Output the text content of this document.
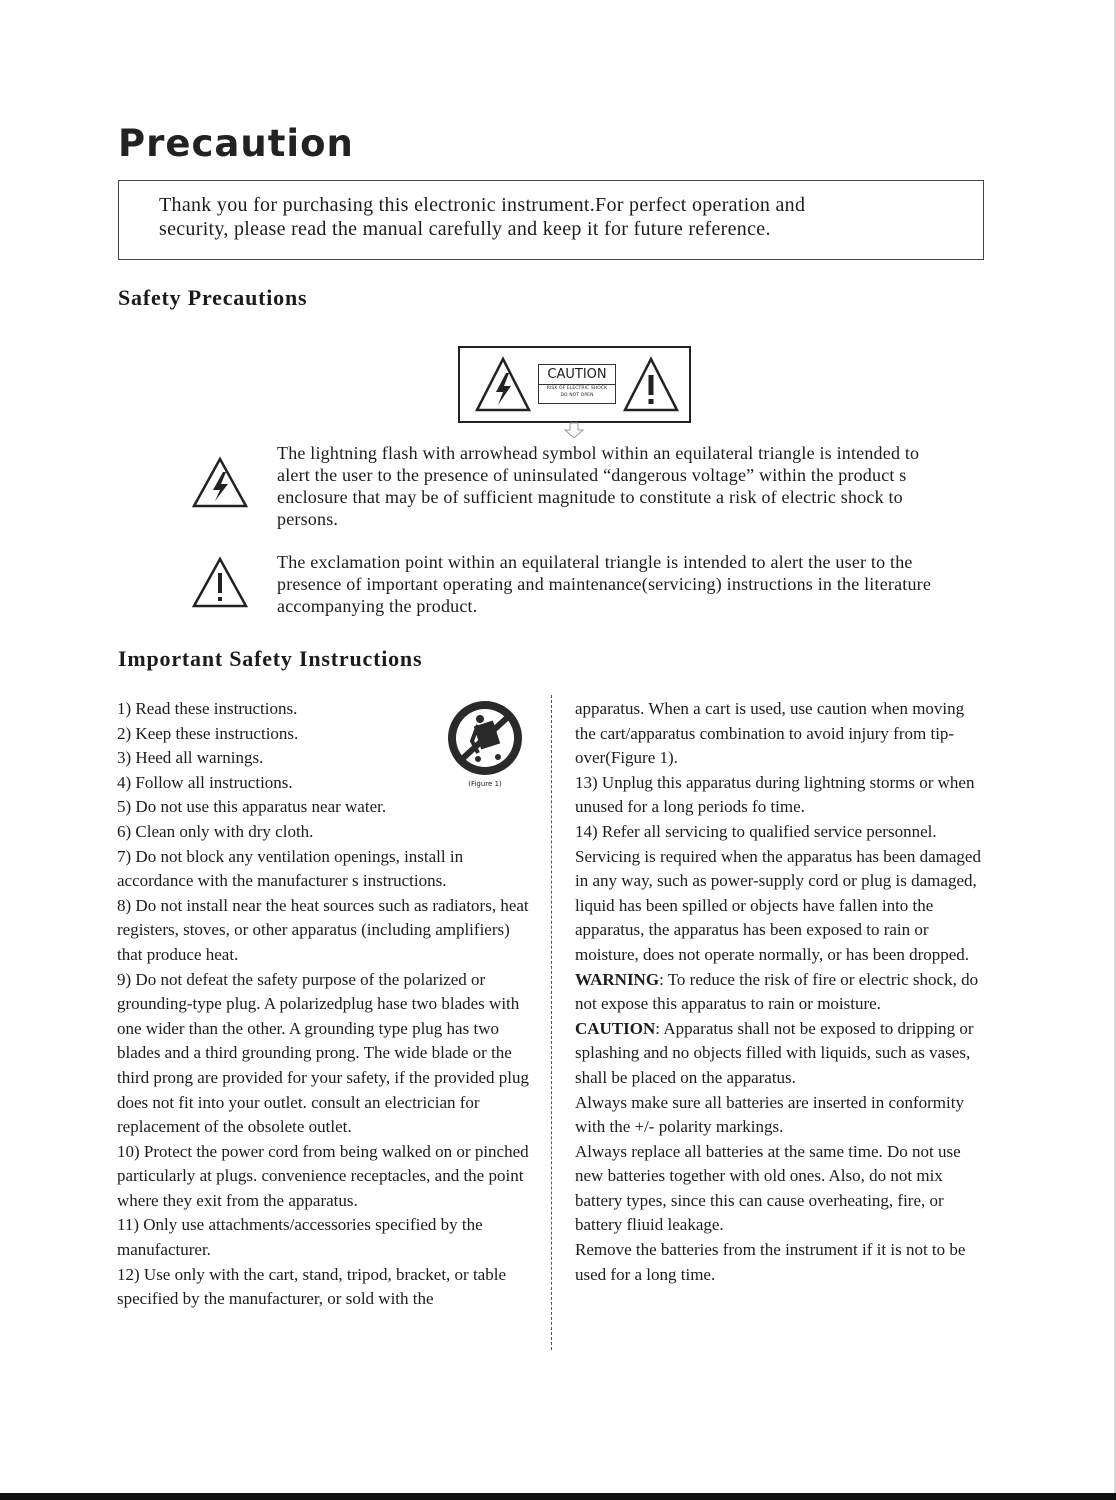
Precaution
Thank you for purchasing this electronic instrument.For perfect operation and
security, please read the manual carefully and keep it for future reference.
Safety Precautions
CAUTION
RISK OF ELECTRIC SHOCK
DO NOT OPEN

The lightning flash with arrowhead symbol within an equilateral triangle is intended to alert the user to the presence of uninsulated “dangerous voltage” within the product s enclosure that may be of sufficient magnitude to constitute a risk of electric shock to persons.

The exclamation point within an equilateral triangle is intended to alert the user to the presence of important operating and maintenance(servicing) instructions in the literature accompanying the product.

Important Safety Instructions
(Figure 1)

1) Read these instructions.

2) Keep these instructions.

3) Heed all warnings.

4) Follow all instructions.

5) Do not use this apparatus near water.

6) Clean only with dry cloth.

7) Do not block any ventilation openings, install in accordance with the manufacturer s instructions.

8) Do not install near the heat sources such as radiators, heat registers, stoves, or other apparatus (including amplifiers) that produce heat.

9) Do not defeat the safety purpose of the polarized or grounding-type plug. A polarizedplug hase two blades with one wider than the other. A grounding type plug has two blades and a third grounding prong. The wide blade or the third prong are provided for your safety, if the provided plug does not fit into your outlet. consult an electrician for replacement of the obsolete outlet.

10) Protect the power cord from being walked on or pinched particularly at plugs. convenience receptacles, and the point where they exit from the apparatus.

11) Only use attachments/accessories specified by the manufacturer.

12) Use only with the cart, stand, tripod, bracket, or table specified by the manufacturer, or sold with the

apparatus. When a cart is used, use caution when moving the cart/apparatus combination to avoid injury from tip-over(Figure 1).

13) Unplug this apparatus during lightning storms or when unused for a long periods fo time.

14) Refer all servicing to qualified service personnel. Servicing is required when the apparatus has been damaged in any way, such as power-supply cord or plug is damaged, liquid has been spilled or objects have fallen into the apparatus, the apparatus has been exposed to rain or moisture, does not operate normally, or has been dropped.

WARNING: To reduce the risk of fire or electric shock, do not expose this apparatus to rain or moisture.

CAUTION: Apparatus shall not be exposed to dripping or splashing and no objects filled with liquids, such as vases, shall be placed on the apparatus.

Always make sure all batteries are inserted in conformity with the +/- polarity markings.

Always replace all batteries at the same time. Do not use new batteries together with old ones. Also, do not mix battery types, since this can cause overheating, fire, or battery fliuid leakage.

Remove the batteries from the instrument if it is not to be used for a long time.
